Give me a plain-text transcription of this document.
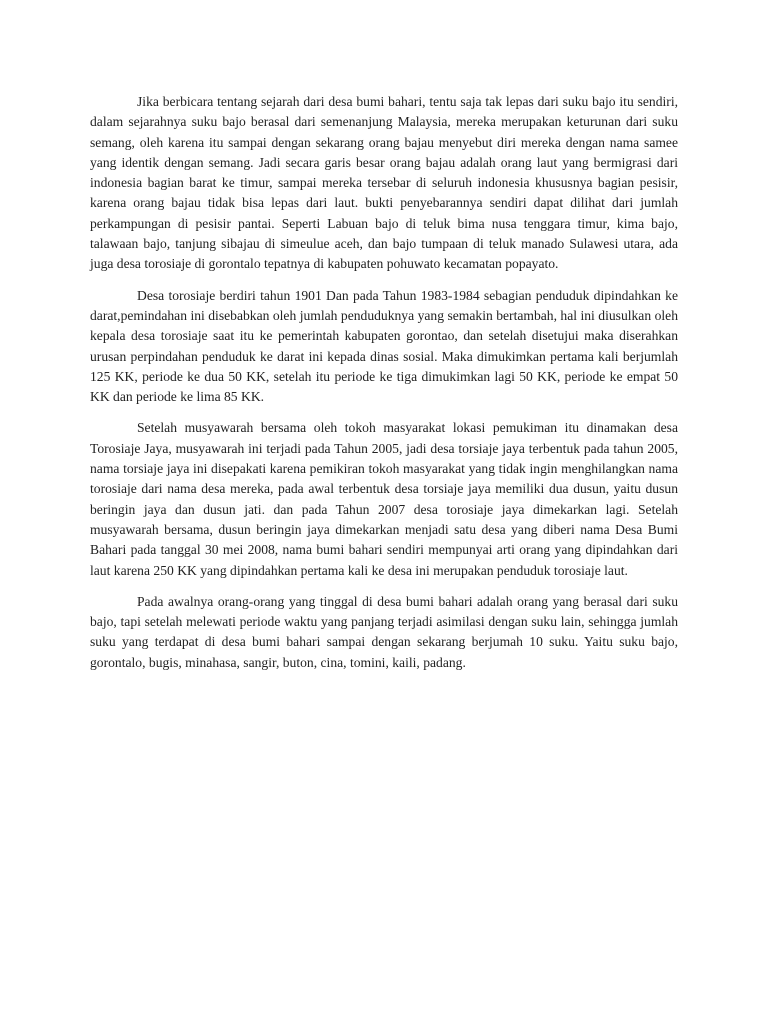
Jika berbicara tentang sejarah dari desa bumi bahari, tentu saja tak lepas dari suku bajo itu sendiri, dalam sejarahnya suku bajo berasal dari semenanjung Malaysia, mereka merupakan keturunan dari suku semang, oleh karena itu sampai dengan sekarang orang bajau menyebut diri mereka dengan nama samee yang identik dengan semang. Jadi secara garis besar orang bajau adalah orang laut yang bermigrasi dari indonesia bagian barat ke timur, sampai mereka tersebar di seluruh indonesia khususnya bagian pesisir, karena orang bajau tidak bisa lepas dari laut. bukti penyebarannya sendiri dapat dilihat dari jumlah perkampungan di pesisir pantai. Seperti Labuan bajo di teluk bima nusa tenggara timur, kima bajo, talawaan bajo, tanjung sibajau di simeulue aceh, dan bajo tumpaan di teluk manado Sulawesi utara, ada juga desa torosiaje di gorontalo tepatnya di kabupaten pohuwato kecamatan popayato.

Desa torosiaje berdiri tahun 1901 Dan pada Tahun 1983-1984 sebagian penduduk dipindahkan ke darat,pemindahan ini disebabkan oleh jumlah penduduknya yang semakin bertambah, hal ini diusulkan oleh kepala desa torosiaje saat itu ke pemerintah kabupaten gorontao, dan setelah disetujui maka diserahkan urusan perpindahan penduduk ke darat ini kepada dinas sosial. Maka dimukimkan pertama kali berjumlah 125 KK, periode ke dua 50 KK, setelah itu periode ke tiga dimukimkan lagi 50 KK, periode ke empat 50 KK dan periode ke lima 85 KK.

Setelah musyawarah bersama oleh tokoh masyarakat lokasi pemukiman itu dinamakan desa Torosiaje Jaya, musyawarah ini terjadi pada Tahun 2005, jadi desa torsiaje jaya terbentuk pada tahun 2005, nama torsiaje jaya ini disepakati karena pemikiran tokoh masyarakat yang tidak ingin menghilangkan nama torosiaje dari nama desa mereka, pada awal terbentuk desa torsiaje jaya memiliki dua dusun, yaitu dusun beringin jaya dan dusun jati. dan pada Tahun 2007 desa torosiaje jaya dimekarkan lagi. Setelah musyawarah bersama, dusun beringin jaya dimekarkan menjadi satu desa yang diberi nama Desa Bumi Bahari pada tanggal 30 mei 2008, nama bumi bahari sendiri mempunyai arti orang yang dipindahkan dari laut karena 250 KK yang dipindahkan pertama kali ke desa ini merupakan penduduk torosiaje laut.

Pada awalnya orang-orang yang tinggal di desa bumi bahari adalah orang yang berasal dari suku bajo, tapi setelah melewati periode waktu yang panjang terjadi asimilasi dengan suku lain, sehingga jumlah suku yang terdapat di desa bumi bahari sampai dengan sekarang berjumah 10 suku. Yaitu suku bajo, gorontalo, bugis, minahasa, sangir, buton, cina, tomini, kaili, padang.
